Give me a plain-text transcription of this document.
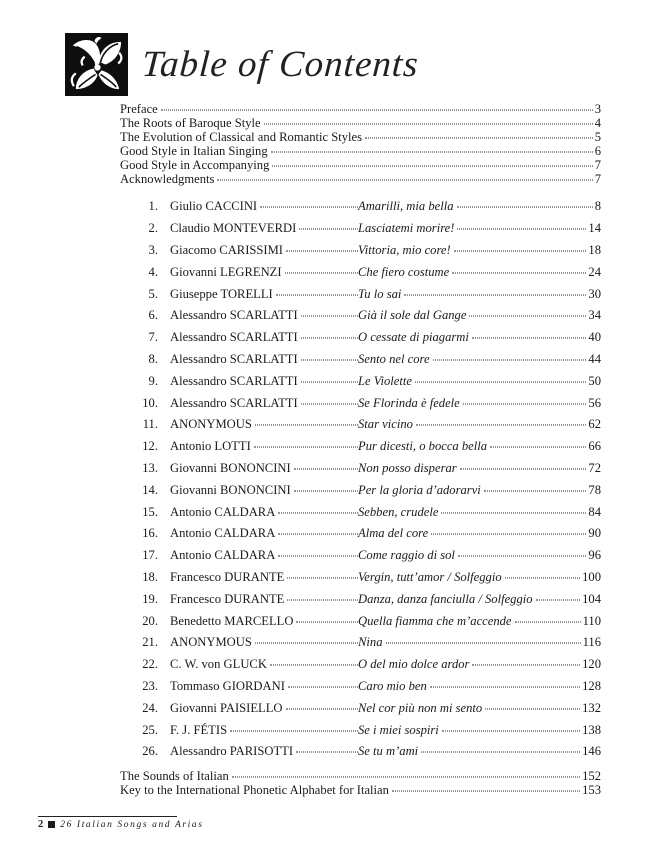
Table of Contents
Preface	3
The Roots of Baroque Style	4
The Evolution of Classical and Romantic Styles	5
Good Style in Italian Singing	6
Good Style in Accompanying	7
Acknowledgments	7
1. Giulio CACCINI	Amarilli, mia bella	8
2. Claudio MONTEVERDI	Lasciatemi morire!	14
3. Giacomo CARISSIMI	Vittoria, mio core!	18
4. Giovanni LEGRENZI	Che fiero costume	24
5. Giuseppe TORELLI	Tu lo sai	30
6. Alessandro SCARLATTI	Già il sole dal Gange	34
7. Alessandro SCARLATTI	O cessate di piagarmi	40
8. Alessandro SCARLATTI	Sento nel core	44
9. Alessandro SCARLATTI	Le Violette	50
10. Alessandro SCARLATTI	Se Florinda è fedele	56
11. ANONYMOUS	Star vicino	62
12. Antonio LOTTI	Pur dicesti, o bocca bella	66
13. Giovanni BONONCINI	Non posso disperar	72
14. Giovanni BONONCINI	Per la gloria d’adorarvi	78
15. Antonio CALDARA	Sebben, crudele	84
16. Antonio CALDARA	Alma del core	90
17. Antonio CALDARA	Come raggio di sol	96
18. Francesco DURANTE	Vergin, tutt’amor / Solfeggio	100
19. Francesco DURANTE	Danza, danza fanciulla / Solfeggio	104
20. Benedetto MARCELLO	Quella fiamma che m’accende	110
21. ANONYMOUS	Nina	116
22. C. W. von GLUCK	O del mio dolce ardor	120
23. Tommaso GIORDANI	Caro mio ben	128
24. Giovanni PAISIELLO	Nel cor più non mi sento	132
25. F. J. FÉTIS	Se i miei sospiri	138
26. Alessandro PARISOTTI	Se tu m’ami	146
The Sounds of Italian	152
Key to the International Phonetic Alphabet for Italian	153
2 26 Italian Songs and Arias
